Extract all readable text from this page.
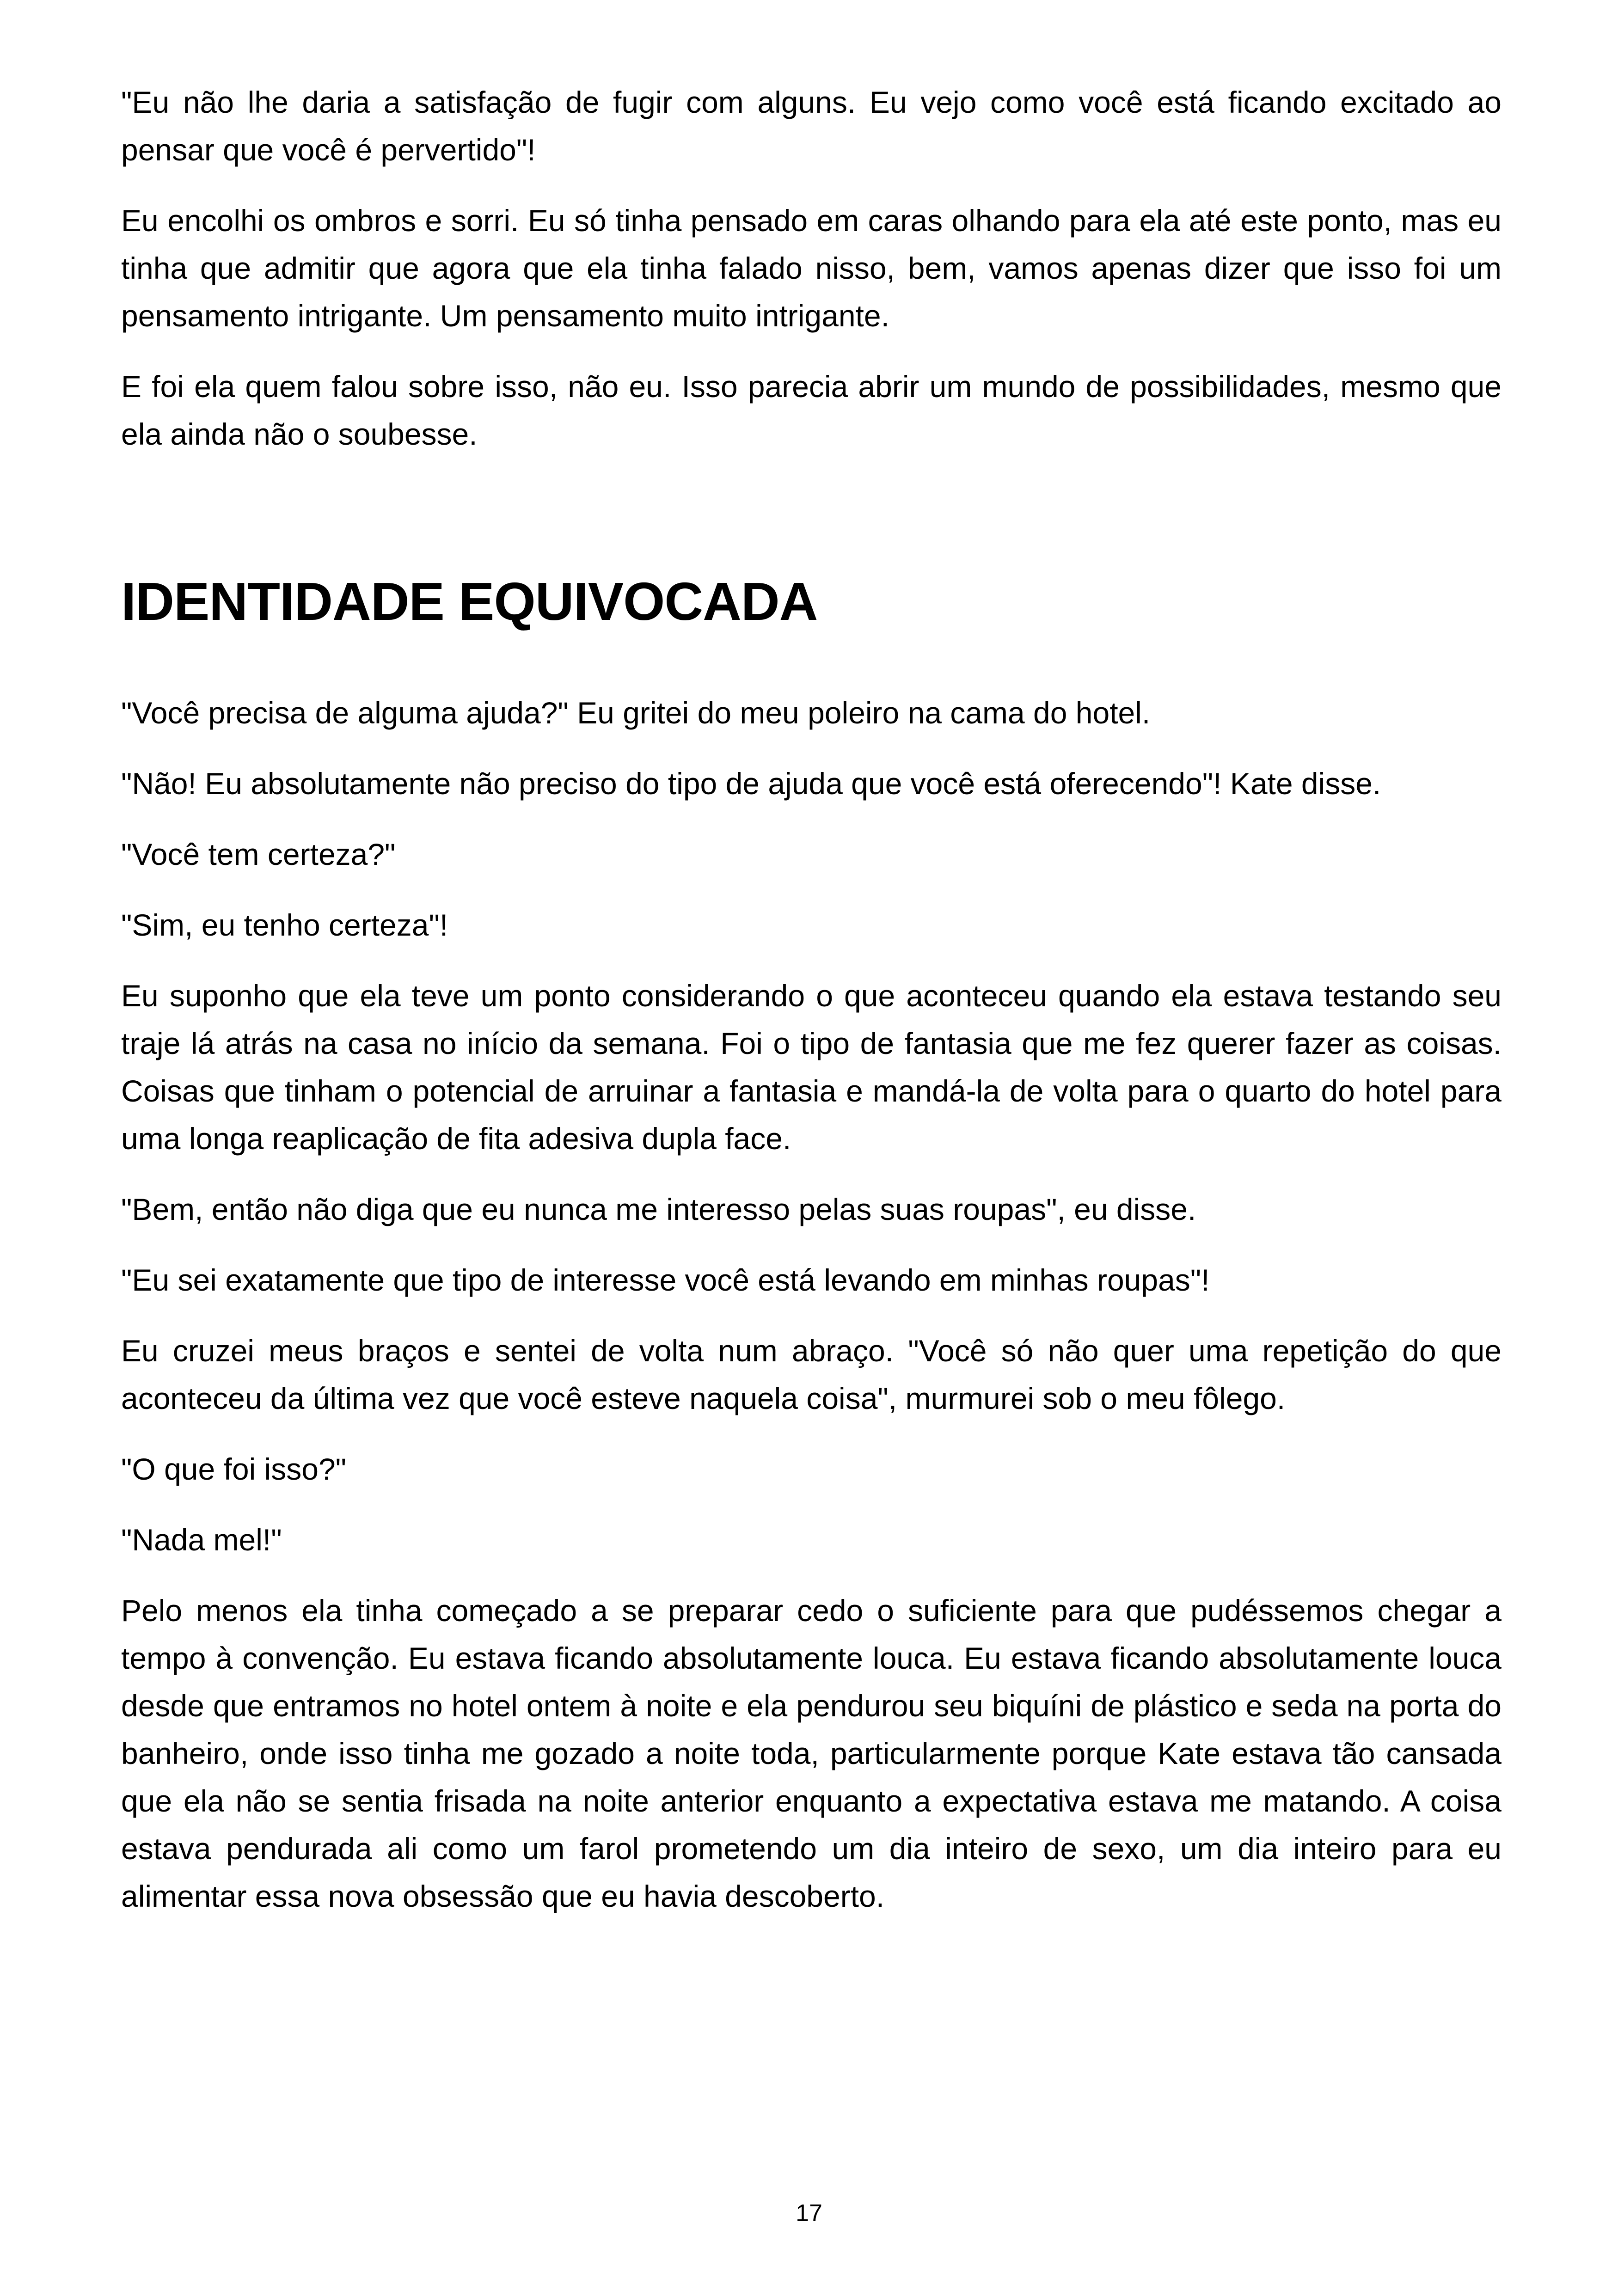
"Eu não lhe daria a satisfação de fugir com alguns. Eu vejo como você está ficando excitado ao pensar que você é pervertido"!

Eu encolhi os ombros e sorri. Eu só tinha pensado em caras olhando para ela até este ponto, mas eu tinha que admitir que agora que ela tinha falado nisso, bem, vamos apenas dizer que isso foi um pensamento intrigante. Um pensamento muito intrigante.

E foi ela quem falou sobre isso, não eu. Isso parecia abrir um mundo de possibilidades, mesmo que ela ainda não o soubesse.

IDENTIDADE EQUIVOCADA

"Você precisa de alguma ajuda?" Eu gritei do meu poleiro na cama do hotel.

"Não! Eu absolutamente não preciso do tipo de ajuda que você está oferecendo"! Kate disse.

"Você tem certeza?"

"Sim, eu tenho certeza"!

Eu suponho que ela teve um ponto considerando o que aconteceu quando ela estava testando seu traje lá atrás na casa no início da semana. Foi o tipo de fantasia que me fez querer fazer as coisas. Coisas que tinham o potencial de arruinar a fantasia e mandá-la de volta para o quarto do hotel para uma longa reaplicação de fita adesiva dupla face.

"Bem, então não diga que eu nunca me interesso pelas suas roupas", eu disse.

"Eu sei exatamente que tipo de interesse você está levando em minhas roupas"!

Eu cruzei meus braços e sentei de volta num abraço. "Você só não quer uma repetição do que aconteceu da última vez que você esteve naquela coisa", murmurei sob o meu fôlego.

"O que foi isso?"

"Nada mel!"

Pelo menos ela tinha começado a se preparar cedo o suficiente para que pudéssemos chegar a tempo à convenção. Eu estava ficando absolutamente louca. Eu estava ficando absolutamente louca desde que entramos no hotel ontem à noite e ela pendurou seu biquíni de plástico e seda na porta do banheiro, onde isso tinha me gozado a noite toda, particularmente porque Kate estava tão cansada que ela não se sentia frisada na noite anterior enquanto a expectativa estava me matando. A coisa estava pendurada ali como um farol prometendo um dia inteiro de sexo, um dia inteiro para eu alimentar essa nova obsessão que eu havia descoberto.

17
